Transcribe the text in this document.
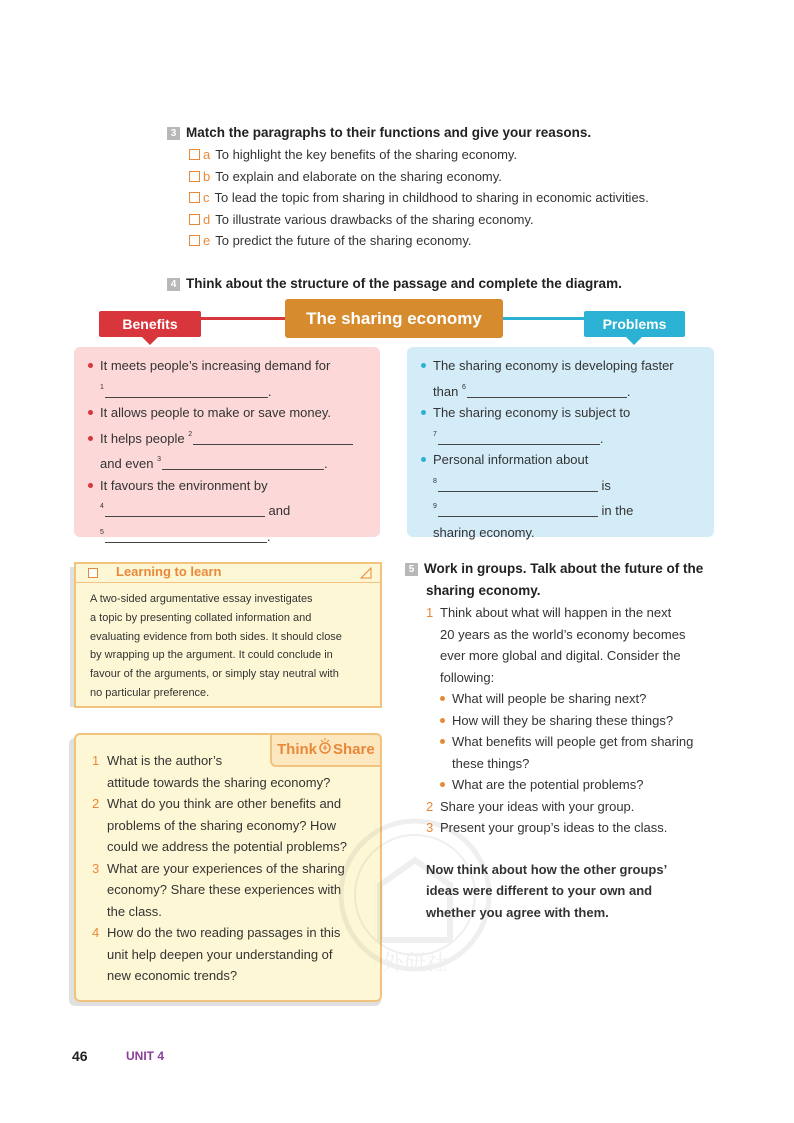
3 Match the paragraphs to their functions and give your reasons.
a To highlight the key benefits of the sharing economy.
b To explain and elaborate on the sharing economy.
c To lead the topic from sharing in childhood to sharing in economic activities.
d To illustrate various drawbacks of the sharing economy.
e To predict the future of the sharing economy.
4 Think about the structure of the passage and complete the diagram.
The sharing economy
Benefits	Problems
It meets people’s increasing demand for
$^1$	.
It allows people to make or save money.
It helps people $^2$
and even $^3$	.
It favours the environment by
$^4$	and
$^5$	.
The sharing economy is developing faster
than $^6$	.
The sharing economy is subject to
$^7$	.
Personal information about
$^8$	is
$^9$	in the
sharing economy.
Learning to learn
A two-sided argumentative essay investigates
a topic by presenting collated information and
evaluating evidence from both sides. It should close
by wrapping up the argument. It could conclude in
favour of the arguments, or simply stay neutral with
no particular preference.
Think Share
1 What is the author’s
attitude towards the sharing economy?
2 What do you think are other benefits and
problems of the sharing economy? How
could we address the potential problems?
3 What are your experiences of the sharing
economy? Share these experiences with
the class.
4 How do the two reading passages in this
unit help deepen your understanding of
new economic trends?	外研社
5 Work in groups. Talk about the future of the
sharing economy.
1 Think about what will happen in the next
20 years as the world’s economy becomes
ever more global and digital. Consider the
following:
What will people be sharing next?
How will they be sharing these things?
What benefits will people get from sharing
these things?
What are the potential problems?
2 Share your ideas with your group.
3 Present your group’s ideas to the class.
Now think about how the other groups’
ideas were different to your own and
whether you agree with them.
46	UNIT 4
